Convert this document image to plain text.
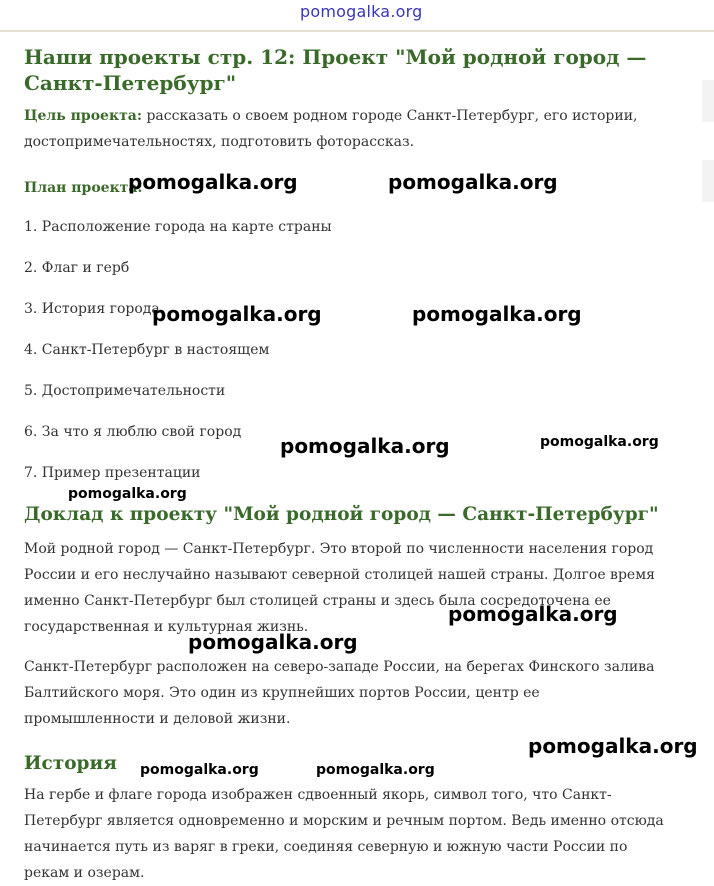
pomogalka.org
Наши проекты стр. 12: Проект "Мой родной город — Санкт-Петербург"

Цель проекта: рассказать о своем родном городе Санкт-Петербург, его истории, достопримечательностях, подготовить фоторассказ.

План проекта:

1. Расположение города на карте страны
2. Флаг и герб
3. История города
4. Санкт-Петербург в настоящем
5. Достопримечательности
6. За что я люблю свой город
7. Пример презентации
Доклад к проекту "Мой родной город — Санкт-Петербург"

Мой родной город — Санкт-Петербург. Это второй по численности населения город России и его неслучайно называют северной столицей нашей страны. Долгое время именно Санкт-Петербург был столицей страны и здесь была сосредоточена ее государственная и культурная жизнь.

Санкт-Петербург расположен на северо-западе России, на берегах Финского залива Балтийского моря. Это один из крупнейших портов России, центр ее промышленности и деловой жизни.

История

На гербе и флаге города изображен сдвоенный якорь, символ того, что Санкт-Петербург является одновременно и морским и речным портом. Ведь именно отсюда начинается путь из варяг в греки, соединяя северную и южную части России по рекам и озерам.

pomogalka.org	pomogalka.org
pomogalka.org	pomogalka.org
pomogalka.org	pomogalka.org
pomogalka.org
pomogalka.org
pomogalka.org
pomogalka.org
pomogalka.org	pomogalka.org
